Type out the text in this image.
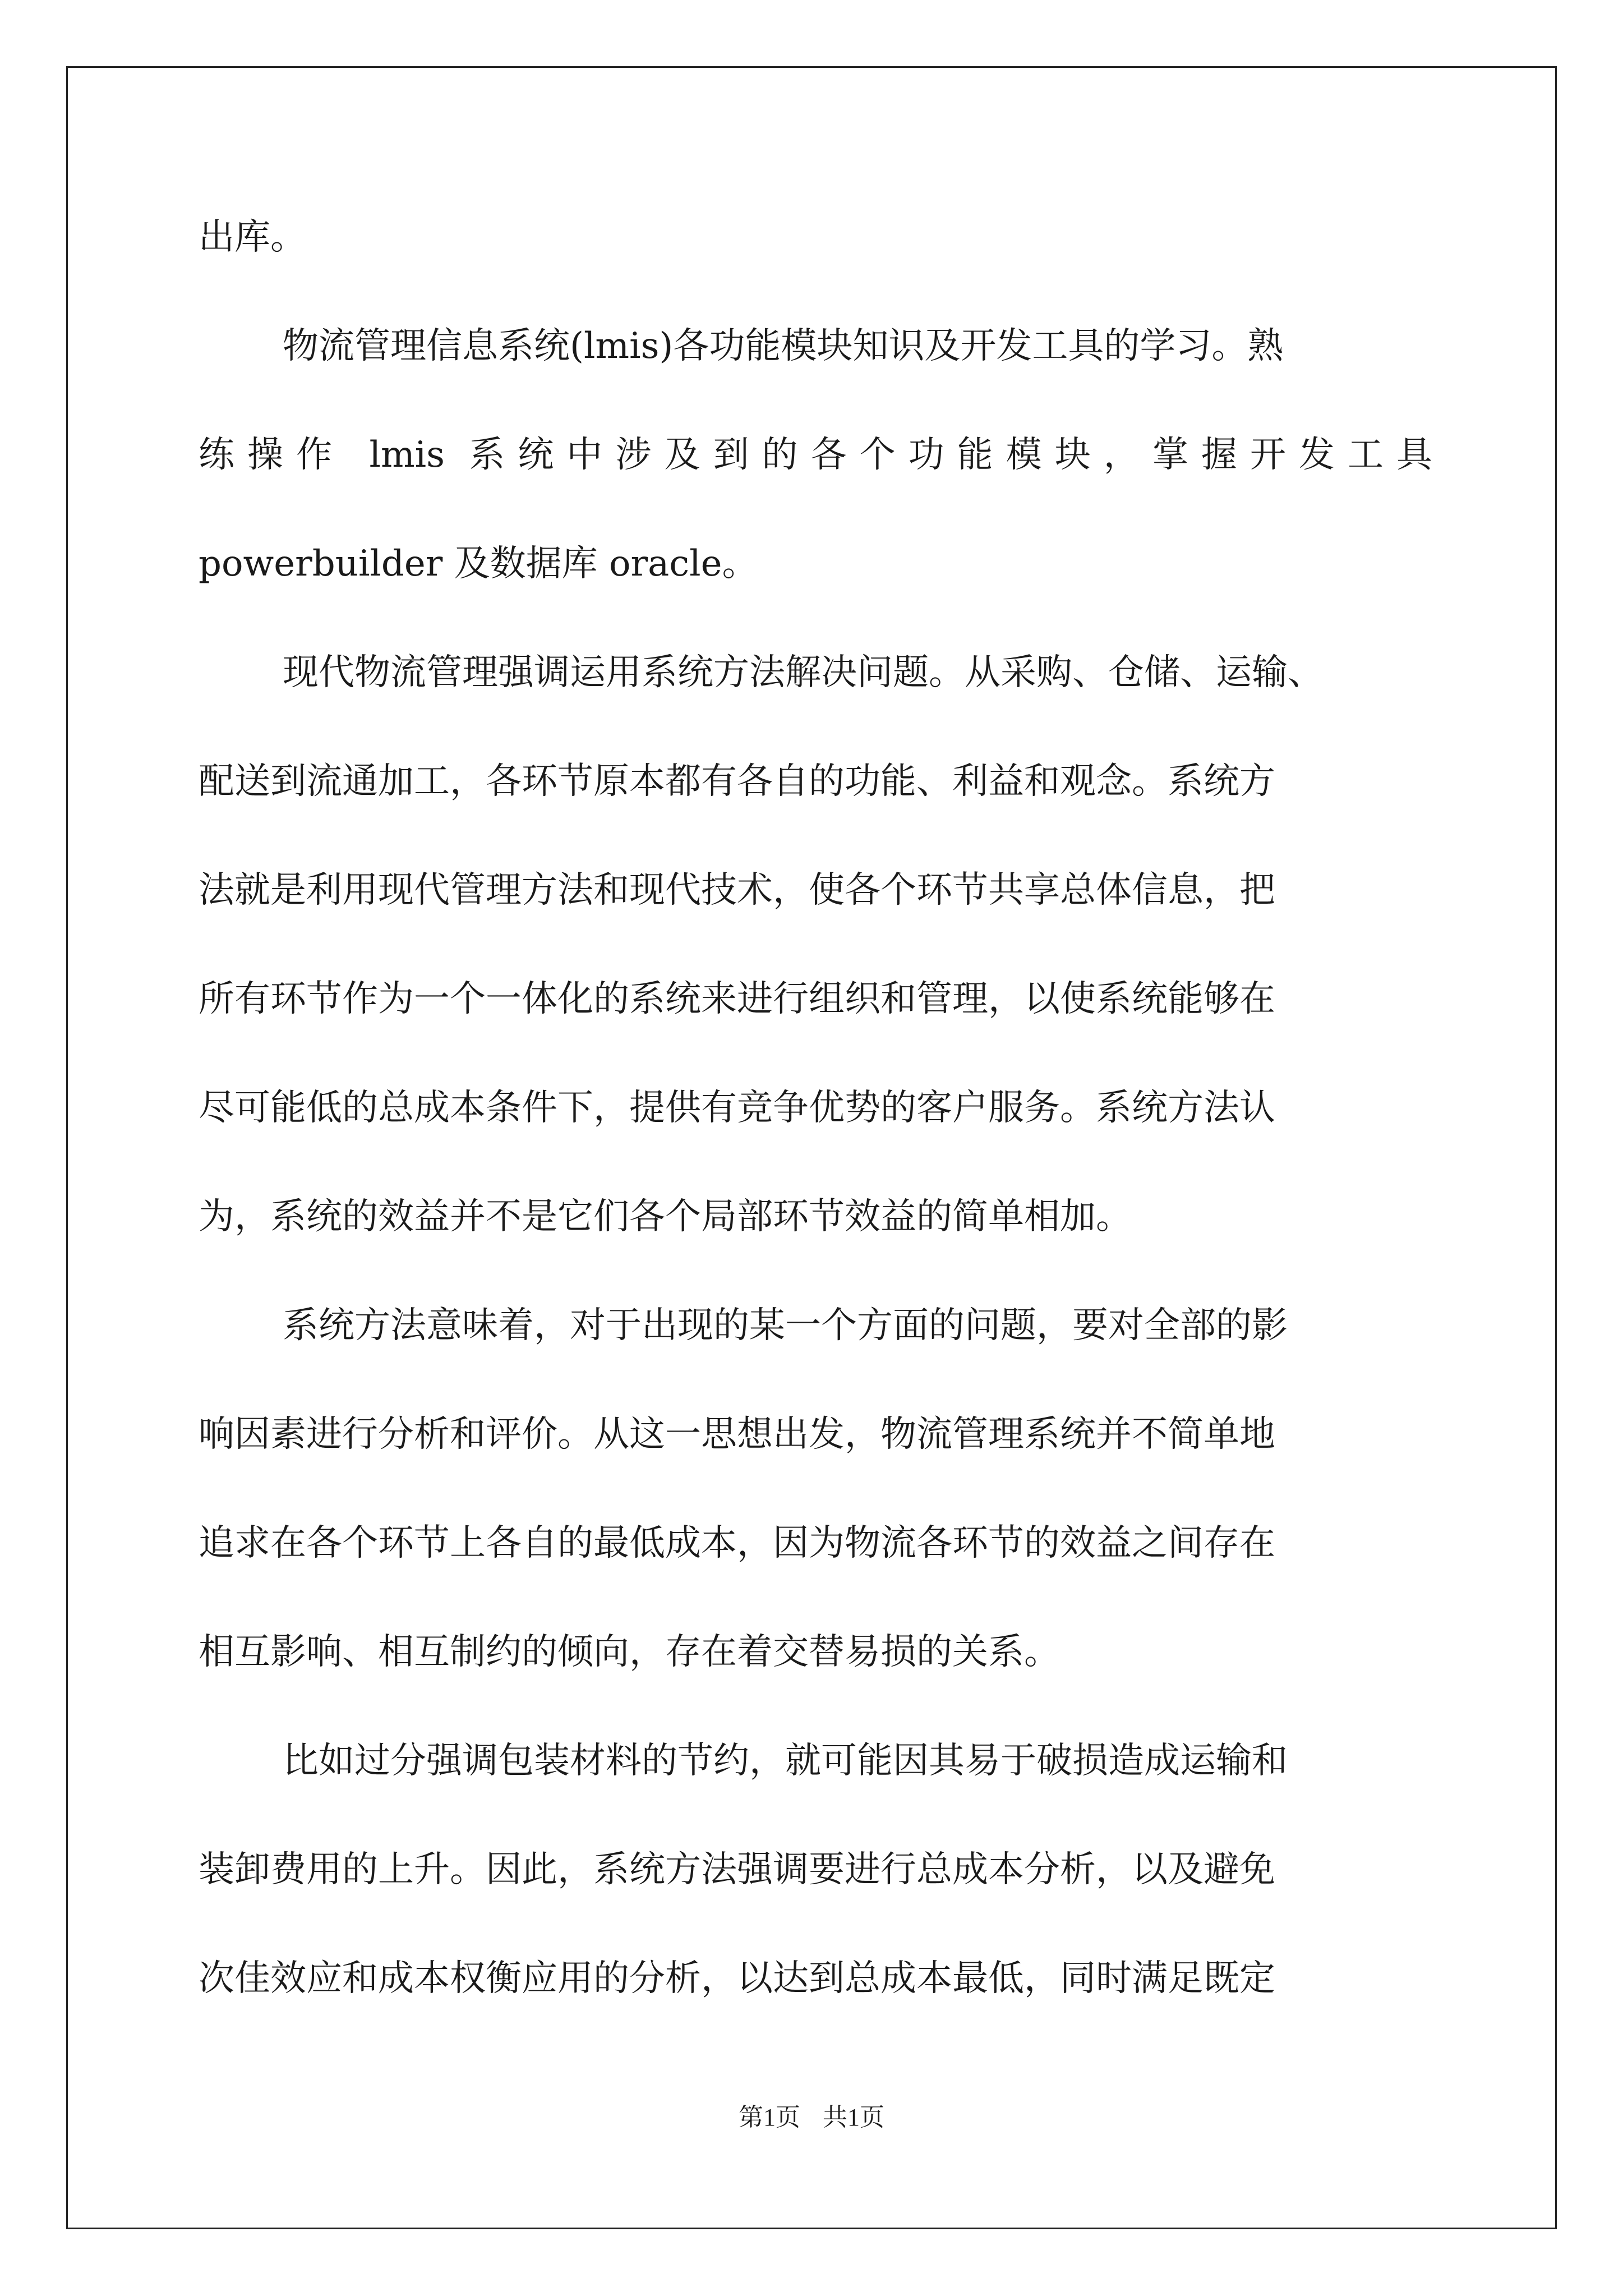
出库。
物流管理信息系统(lmis)各功能模块知识及开发工具的学习。熟
练操作 lmis 系统中涉及到的各个功能模块，掌握开发工具
powerbuilder 及数据库 oracle。
现代物流管理强调运用系统方法解决问题。从采购、仓储、运输、
配送到流通加工，各环节原本都有各自的功能、利益和观念。系统方
法就是利用现代管理方法和现代技术，使各个环节共享总体信息，把
所有环节作为一个一体化的系统来进行组织和管理，以使系统能够在
尽可能低的总成本条件下，提供有竞争优势的客户服务。系统方法认
为，系统的效益并不是它们各个局部环节效益的简单相加。
系统方法意味着，对于出现的某一个方面的问题，要对全部的影
响因素进行分析和评价。从这一思想出发，物流管理系统并不简单地
追求在各个环节上各自的最低成本，因为物流各环节的效益之间存在
相互影响、相互制约的倾向，存在着交替易损的关系。
比如过分强调包装材料的节约，就可能因其易于破损造成运输和
装卸费用的上升。因此，系统方法强调要进行总成本分析，以及避免
次佳效应和成本权衡应用的分析，以达到总成本最低，同时满足既定
第1页 共1页
